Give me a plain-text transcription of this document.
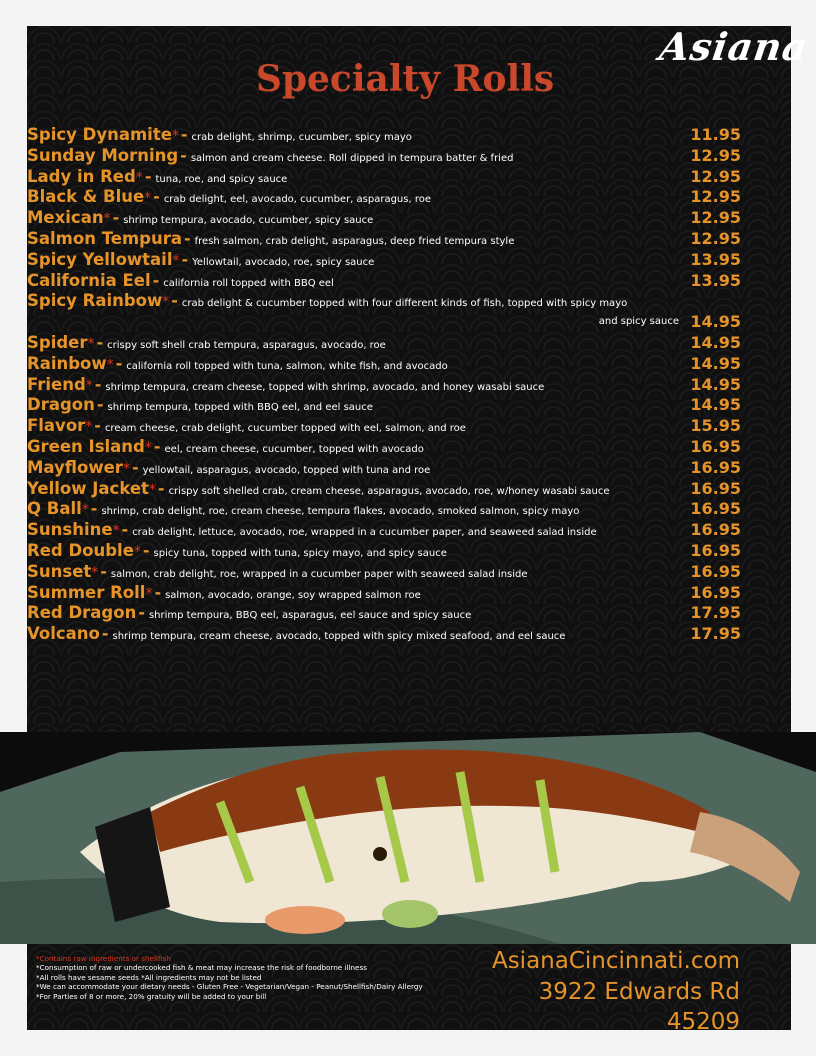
Asiana
Specialty Rolls
Spicy Dynamite* - crab delight, shrimp, cucumber, spicy mayo	11.95
Sunday Morning - salmon and cream cheese. Roll dipped in tempura batter & fried	12.95
Lady in Red* - tuna, roe, and spicy sauce	12.95
Black & Blue* - crab delight, eel, avocado, cucumber, asparagus, roe	12.95
Mexican* - shrimp tempura, avocado, cucumber, spicy sauce	12.95
Salmon Tempura - fresh salmon, crab delight, asparagus, deep fried tempura style	12.95
Spicy Yellowtail* - Yellowtail, avocado, roe, spicy sauce	13.95
California Eel - california roll topped with BBQ eel	13.95
Spicy Rainbow* - crab delight & cucumber topped with four different kinds of fish, topped with spicy mayo
and spicy sauce 14.95
Spider* - crispy soft shell crab tempura, asparagus, avocado, roe	14.95
Rainbow* - california roll topped with tuna, salmon, white fish, and avocado	14.95
Friend* - shrimp tempura, cream cheese, topped with shrimp, avocado, and honey wasabi sauce	14.95
Dragon - shrimp tempura, topped with BBQ eel, and eel sauce	14.95
Flavor* - cream cheese, crab delight, cucumber topped with eel, salmon, and roe	15.95
Green Island* - eel, cream cheese, cucumber, topped with avocado	16.95
Mayflower* - yellowtail, asparagus, avocado, topped with tuna and roe	16.95
Yellow Jacket* - crispy soft shelled crab, cream cheese, asparagus, avocado, roe, w/honey wasabi sauce	16.95
Q Ball* - shrimp, crab delight, roe, cream cheese, tempura flakes, avocado, smoked salmon, spicy mayo	16.95
Sunshine* - crab delight, lettuce, avocado, roe, wrapped in a cucumber paper, and seaweed salad inside	16.95
Red Double* - spicy tuna, topped with tuna, spicy mayo, and spicy sauce	16.95
Sunset* - salmon, crab delight, roe, wrapped in a cucumber paper with seaweed salad inside	16.95
Summer Roll* - salmon, avocado, orange, soy wrapped salmon roe	16.95
Red Dragon - shrimp tempura, BBQ eel, asparagus, eel sauce and spicy sauce	17.95
Volcano - shrimp tempura, cream cheese, avocado, topped with spicy mixed seafood, and eel sauce	17.95
*Contains raw ingredients or shellfish
*Consumption of raw or undercooked fish & meat may increase the risk of foodborne illness
*All rolls have sesame seeds *All ingredients may not be listed
*We can accommodate your dietary needs - Gluten Free - Vegetarian/Vegan - Peanut/Shellfish/Dairy Allergy
*For Parties of 8 or more, 20% gratuity will be added to your bill
AsianaCincinnati.com
3922 Edwards Rd
45209
